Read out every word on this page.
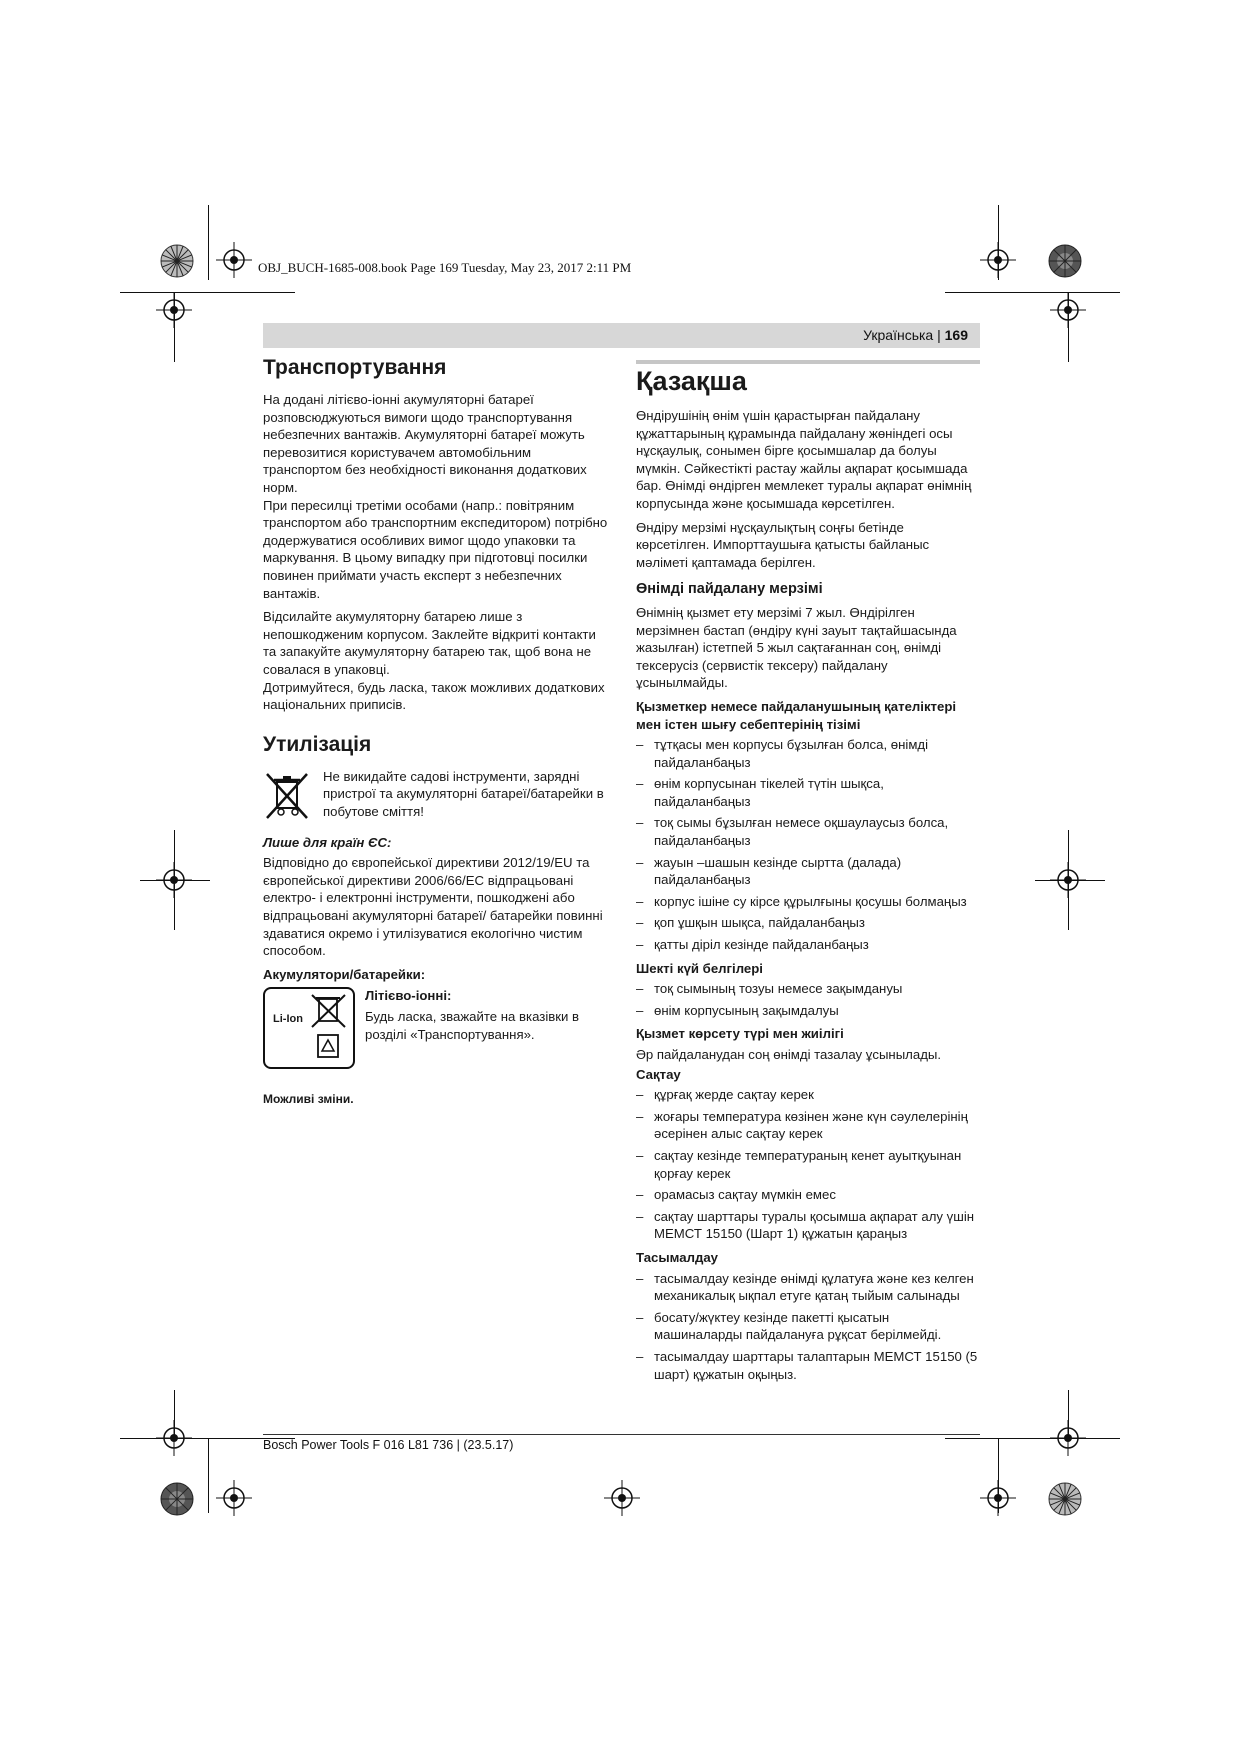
OBJ_BUCH-1685-008.book Page 169 Tuesday, May 23, 2017 2:11 PM
Українська | 169
Транспортування

На додані літієво-іонні акумуляторні батареї розповсюджуються вимоги щодо транспортування небезпечних вантажів. Акумуляторні батареї можуть перевозитися користувачем автомобільним транспортом без необхідності виконання додаткових норм.

При пересилці третіми особами (напр.: повітряним транспортом або транспортним експедитором) потрібно додержуватися особливих вимог щодо упаковки та маркування. В цьому випадку при підготовці посилки повинен приймати участь експерт з небезпечних вантажів.

Відсилайте акумуляторну батарею лише з непошкодженим корпусом. Заклейте відкриті контакти та запакуйте акумуляторну батарею так, щоб вона не совалася в упаковці.

Дотримуйтеся, будь ласка, також можливих додаткових національних приписів.

Утилізація
Не викидайте садові інструменти, зарядні пристрої та акумуляторні батареї/батарейки в побутове сміття!
Лише для країн ЄС:

Відповідно до європейської директиви 2012/19/EU та європейської директиви 2006/66/EC відпрацьовані електро- і електронні інструменти, пошкоджені або відпрацьовані акумуляторні батареї/ батарейки повинні здаватися окремо і утилізуватися екологічно чистим способом.

Акумулятори/батарейки:
Li-Ion
Літієво-іонні:
Будь ласка, зважайте на вказівки в розділі «Транспортування».
Можливі зміни.
Қазақша

Өндірушінің өнім үшін қарастырған пайдалану құжаттарының құрамында пайдалану жөніндегі осы нұсқаулық, сонымен бірге қосымшалар да болуы мүмкін. Сәйкестікті растау жайлы ақпарат қосымшада бар. Өнімді өндірген мемлекет туралы ақпарат өнімнің корпусында және қосымшада көрсетілген.

Өндіру мерзімі нұсқаулықтың соңғы бетінде көрсетілген. Импорттаушыға қатысты байланыс мәліметі қаптамада берілген.

Өнімді пайдалану мерзімі

Өнімнің қызмет ету мерзімі 7 жыл. Өндірілген мерзімнен бастап (өндіру күні зауыт тақтайшасында жазылған) істетпей 5 жыл сақтағаннан соң, өнімді тексерусіз (сервистік тексеру) пайдалану ұсынылмайды.

Қызметкер немесе пайдаланушының қателіктері мен істен шығу себептерінің тізімі
– тұтқасы мен корпусы бұзылған болса, өнімді пайдаланбаңыз
– өнім корпусынан тікелей түтін шықса, пайдаланбаңыз
– тоқ сымы бұзылған немесе оқшаулаусыз болса, пайдаланбаңыз
– жауын –шашын кезінде сыртта (далада) пайдаланбаңыз
– корпус ішіне су кірсе құрылғыны қосушы болмаңыз
– қоп ұшқын шықса, пайдаланбаңыз
– қатты діріл кезінде пайдаланбаңыз
Шекті күй белгілері
– тоқ сымының тозуы немесе зақымдануы
– өнім корпусының зақымдалуы
Қызмет көрсету түрі мен жиілігі

Әр пайдаланудан соң өнімді тазалау ұсынылады.

Сақтау
– құрғақ жерде сақтау керек
– жоғары температура көзінен және күн сәулелерінің әсерінен алыс сақтау керек
– сақтау кезінде температураның кенет ауытқуынан қорғау керек
– орамасыз сақтау мүмкін емес
– сақтау шарттары туралы қосымша ақпарат алу үшін МЕМСТ 15150 (Шарт 1) құжатын қараңыз
Тасымалдау
– тасымалдау кезінде өнімді құлатуға және кез келген механикалық ықпал етуге қатаң тыйым салынады
– босату/жүктеу кезінде пакетті қысатын машиналарды пайдалануға рұқсат берілмейді.
– тасымалдау шарттары талаптарын МЕМСТ 15150 (5 шарт) құжатын оқыңыз.
Bosch Power Tools F 016 L81 736 | (23.5.17)
